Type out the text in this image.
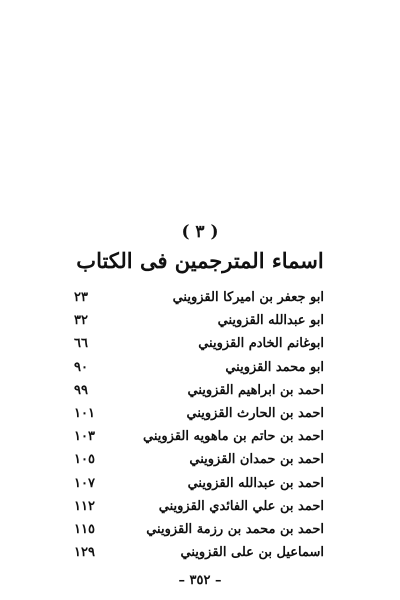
( ٣ )
اسماء المترجمين فى الكتاب
٢٣	ابو جعفر بن اميركا القزويني
٣٢	ابو عبدالله القزويني
٦٦	ابوغانم الخادم القزويني
٩٠	ابو محمد القزويني
٩٩	احمد بن ابراهيم القزويني
١٠١	احمد بن الحارث القزويني
١٠٣	احمد بن حاتم بن ماهويه القزويني
١٠٥	احمد بن حمدان القزويني
١٠٧	احمد بن عبدالله القزويني
١١٢	احمد بن علي الفائدي القزويني
١١٥	احمد بن محمد بن رزمة القزويني
١٢٩	اسماعيل بن على القزويني
– ٣٥٢ –
